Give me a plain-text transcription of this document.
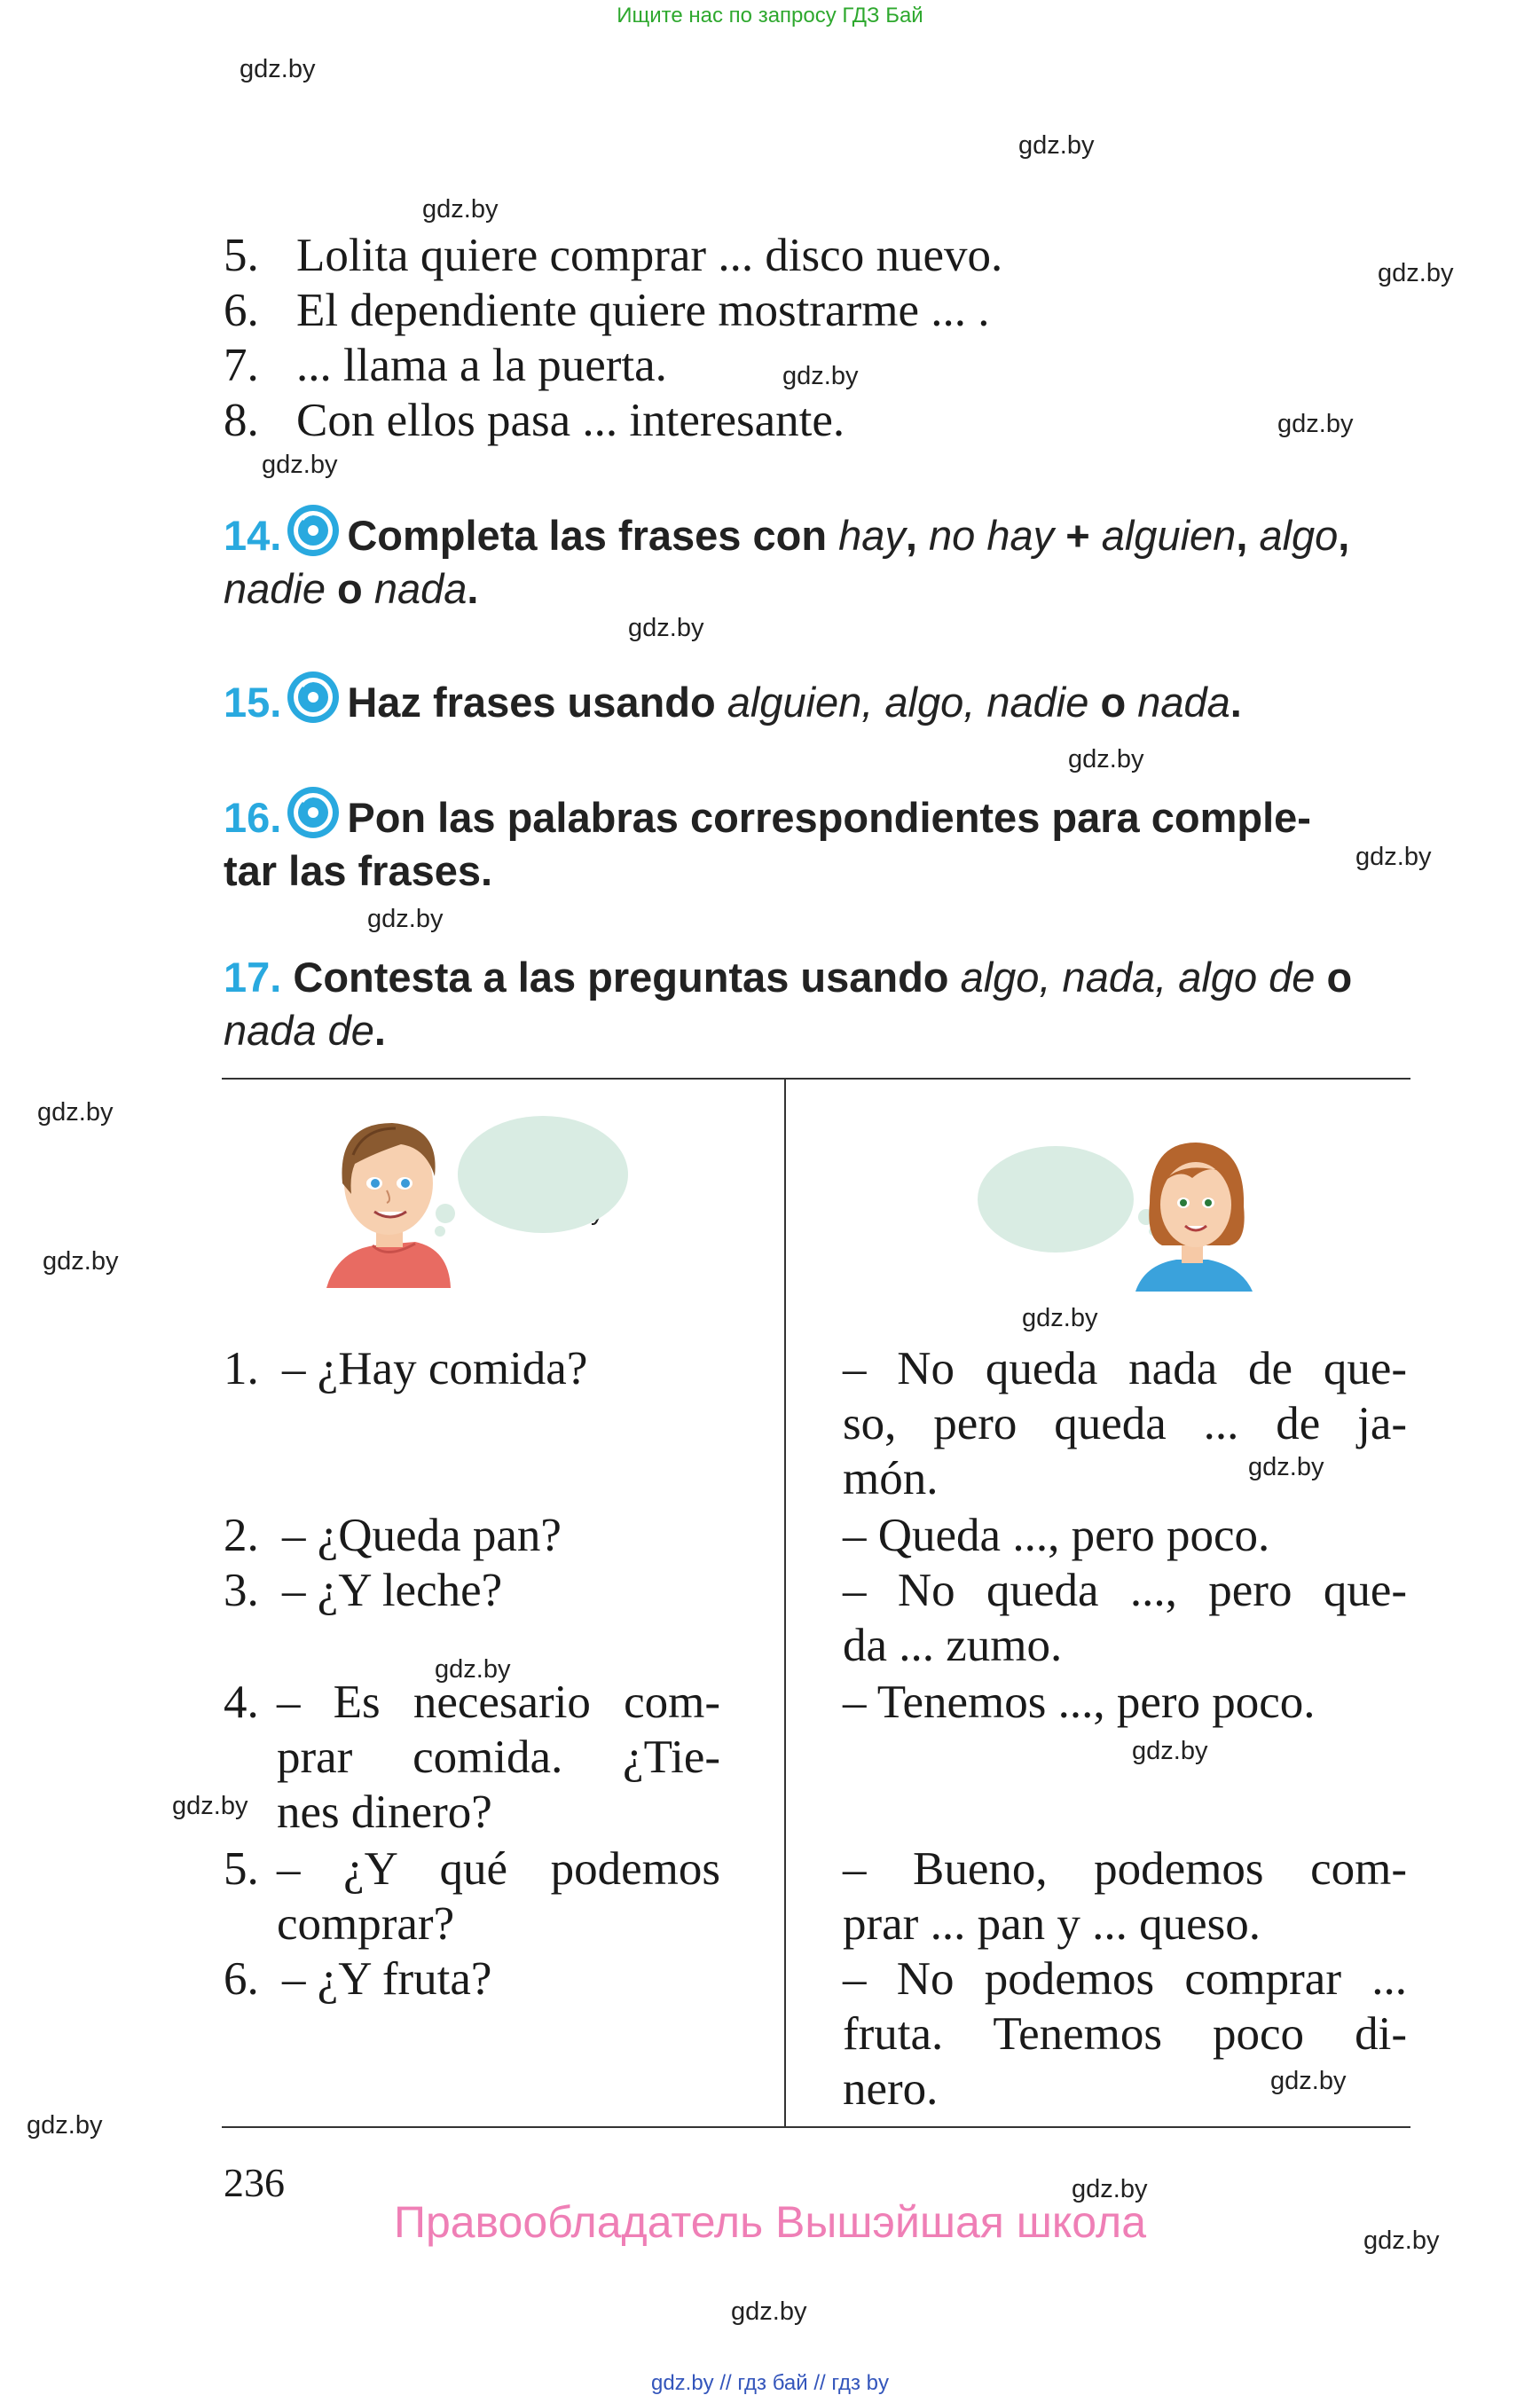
Ищите нас по запросу ГДЗ Бай
gdz.by
gdz.by
gdz.by
gdz.by
gdz.by
gdz.by
gdz.by
gdz.by
gdz.by
gdz.by
gdz.by
gdz.by
gdz.by
gdz.by
gdz.by
gdz.by
gdz.by
gdz.by
gdz.by
gdz.by
gdz.by
gdz.by
gdz.by
5. Lolita quiere comprar ... disco nuevo.
6. El dependiente quiere mostrarme ... .
7. ... llama a la puerta.
8. Con ellos pasa ... interesante.
14. Completa las frases con hay, no hay + alguien, algo,
nadie o nada.
15. Haz frases usando alguien, algo, nadie o nada.
16. Pon las palabras correspondientes para comple-
tar las frases.
17. Contesta a las preguntas usando algo, nada, algo de o
nada de.
1. – ¿Hay comida?
2. – ¿Queda pan?
3. – ¿Y leche?
4. – Es necesario com-
prar comida. ¿Tie-
nes dinero?
5. – ¿Y qué podemos
comprar?
6. – ¿Y fruta?
– No queda nada de que-
so, pero queda ... de ja-
món.
– Queda ..., pero poco.
– No queda ..., pero que-
da ... zumo.
– Tenemos ..., pero poco.
– Bueno, podemos com-
prar ... pan y ... queso.
– No podemos comprar ...
fruta. Tenemos poco di-
nero.
236
Правообладатель Вышэйшая школа
gdz.by // гдз бай // гдз by
